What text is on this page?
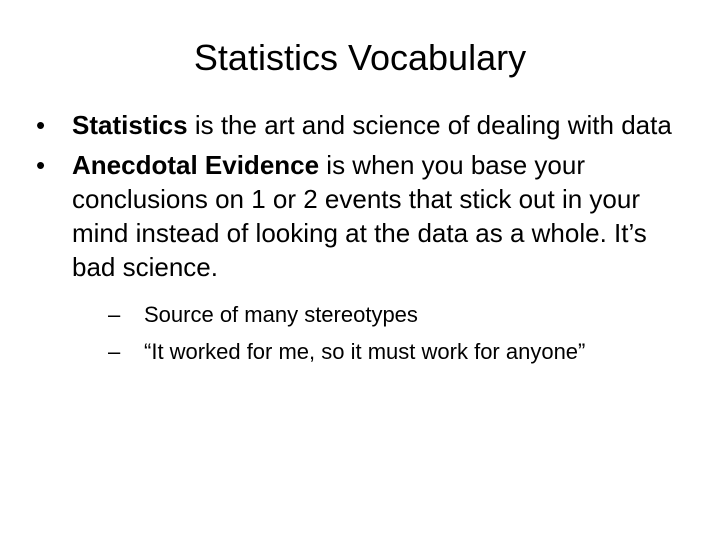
Statistics Vocabulary
•	Statistics is the art and science of dealing with data
•	Anecdotal Evidence is when you base your conclusions on 1 or 2 events that stick out in your mind instead of looking at the data as a whole. It’s bad science.
–	Source of many stereotypes
–	“It worked for me, so it must work for anyone”
